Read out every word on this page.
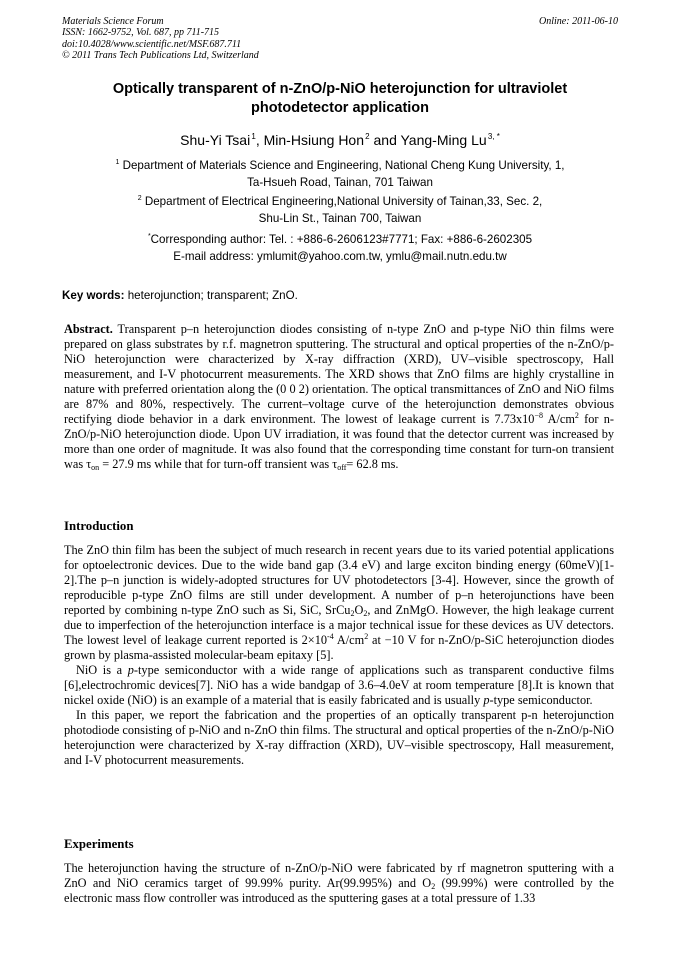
Materials Science Forum
ISSN: 1662-9752, Vol. 687, pp 711-715
doi:10.4028/www.scientific.net/MSF.687.711
© 2011 Trans Tech Publications Ltd, Switzerland
Online: 2011-06-10
Optically transparent of n-ZnO/p-NiO heterojunction for ultraviolet
photodetector application
Shu-Yi Tsai $^1$, Min-Hsiung Hon $^2$ and Yang-Ming Lu $^{3, *}$
$^1$ Department of Materials Science and Engineering, National Cheng Kung University, 1,
Ta-Hsueh Road, Tainan, 701 Taiwan
$^2$ Department of Electrical Engineering,National University of Tainan,33, Sec. 2,
Shu-Lin St., Tainan 700, Taiwan
*Corresponding author: Tel. : +886-6-2606123#7771; Fax: +886-6-2602305
E-mail address: ymlumit@yahoo.com.tw, ymlu@mail.nutn.edu.tw
Key words: heterojunction; transparent; ZnO.

Abstract. Transparent p–n heterojunction diodes consisting of n-type ZnO and p-type NiO thin films were prepared on glass substrates by r.f. magnetron sputtering. The structural and optical properties of the n-ZnO/p-NiO heterojunction were characterized by X-ray diffraction (XRD), UV–visible spectroscopy, Hall measurement, and I-V photocurrent measurements. The XRD shows that ZnO films are highly crystalline in nature with preferred orientation along the (0 0 2) orientation. The optical transmittances of ZnO and NiO films are 87% and 80%, respectively. The current–voltage curve of the heterojunction demonstrates obvious rectifying diode behavior in a dark environment. The lowest of leakage current is $7.73x10^{-8}$ $A/cm^2$ for n-ZnO/p-NiO heterojunction diode. Upon UV irradiation, it was found that the detector current was increased by more than one order of magnitude. It was also found that the corresponding time constant for turn-on transient was $\tau_{on} = 27.9$ ms while that for turn-off transient was $\tau_{off}= 62.8$ ms.

Introduction

The ZnO thin film has been the subject of much research in recent years due to its varied potential applications for optoelectronic devices. Due to the wide band gap (3.4 eV) and large exciton binding energy (60meV)[1-2].The p–n junction is widely-adopted structures for UV photodetectors [3-4]. However, since the growth of reproducible p-type ZnO films are still under development. A number of p–n heterojunctions have been reported by combining n-type ZnO such as Si, SiC, $SrCu_2O_2$, and ZnMgO. However, the high leakage current due to imperfection of the heterojunction interface is a major technical issue for these devices as UV detectors. The lowest level of leakage current reported is $2\times 10^{-4}$ $A/cm^2$ at −10 V for n-ZnO/p-SiC heterojunction diodes grown by plasma-assisted molecular-beam epitaxy [5].

NiO is a p-type semiconductor with a wide range of applications such as transparent conductive films [6],electrochromic devices[7]. NiO has a wide bandgap of 3.6–4.0eV at room temperature [8].It is known that nickel oxide (NiO) is an example of a material that is easily fabricated and is usually p-type semiconductor.

In this paper, we report the fabrication and the properties of an optically transparent p-n heterojunction photodiode consisting of p-NiO and n-ZnO thin films. The structural and optical properties of the n-ZnO/p-NiO heterojunction were characterized by X-ray diffraction (XRD), UV–visible spectroscopy, Hall measurement, and I-V photocurrent measurements.

Experiments

The heterojunction having the structure of n-ZnO/p-NiO were fabricated by rf magnetron sputtering with a ZnO and NiO ceramics target of 99.99% purity. Ar(99.995%) and $O_2$ (99.99%) were controlled by the electronic mass flow controller was introduced as the sputtering gases at a total pressure of 1.33
